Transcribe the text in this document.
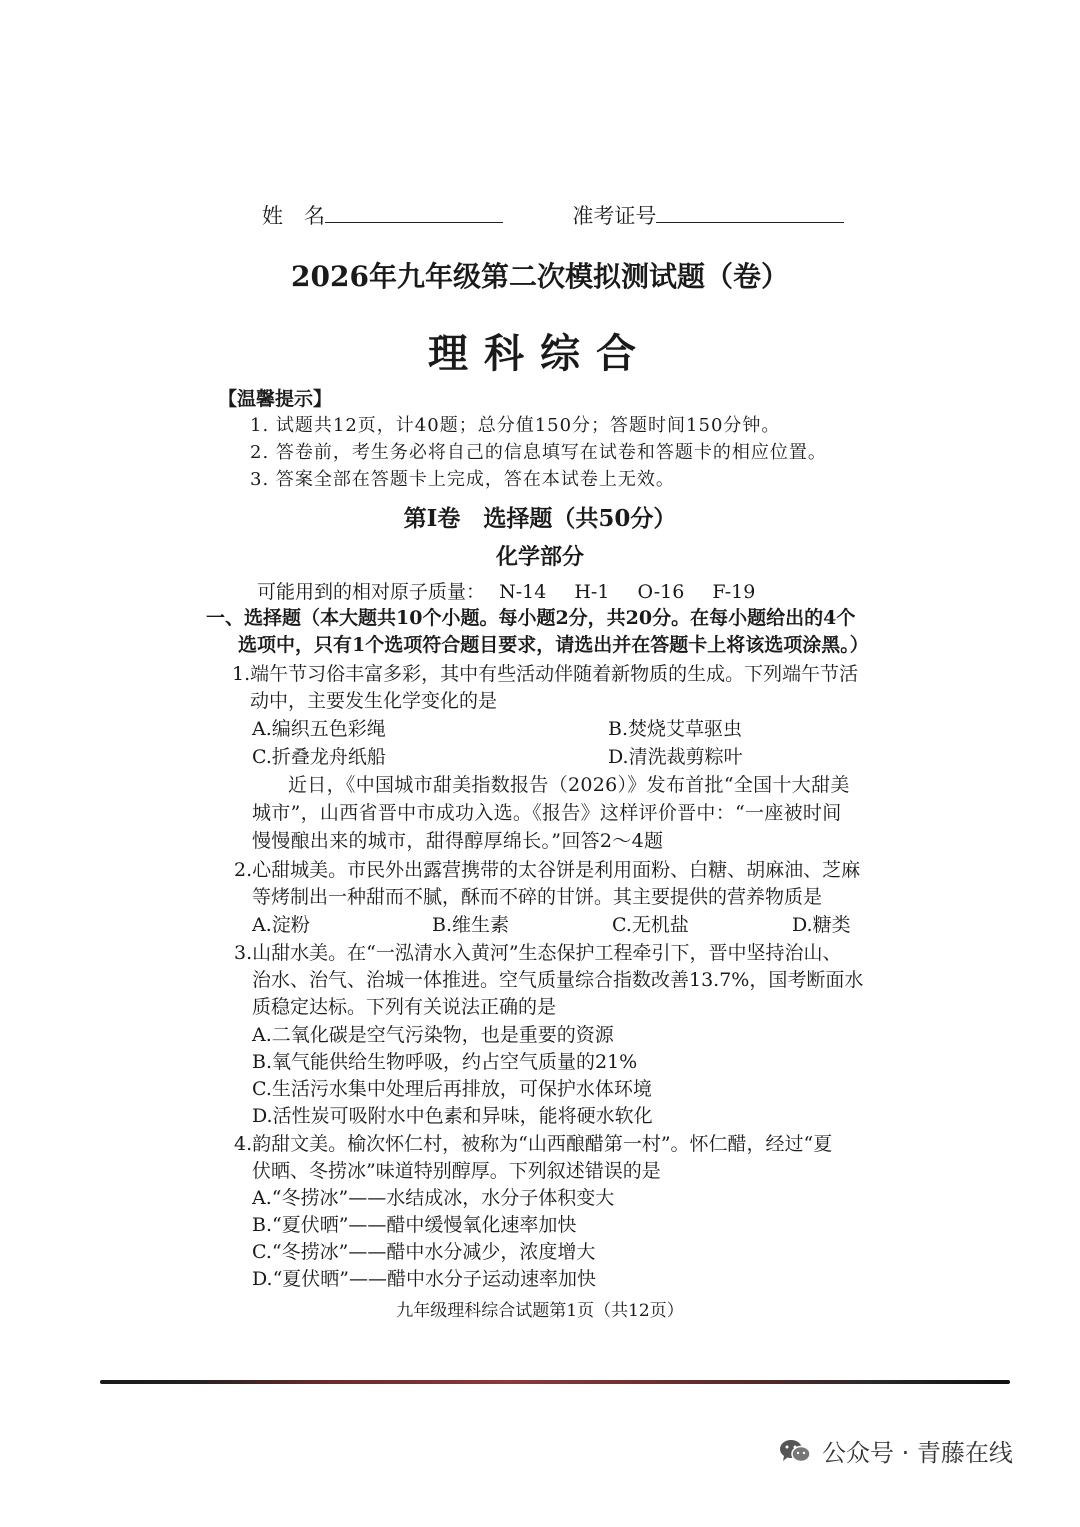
姓　名	准考证号
2026年九年级第二次模拟测试题（卷）
理科综合
【温馨提示】
1. 试题共12页，计40题；总分值150分；答题时间150分钟。
2. 答卷前，考生务必将自己的信息填写在试卷和答题卡的相应位置。
3. 答案全部在答题卡上完成，答在本试卷上无效。
第Ⅰ卷　选择题（共50分）
化学部分
可能用到的相对原子质量： N-14 H-1 O-16 F-19
一、选择题（本大题共10个小题。每小题2分，共20分。在每小题给出的4个
选项中，只有1个选项符合题目要求，请选出并在答题卡上将该选项涂黑。）
1.端午节习俗丰富多彩，其中有些活动伴随着新物质的生成。下列端午节活
动中，主要发生化学变化的是
A.编织五色彩绳	B.焚烧艾草驱虫
C.折叠龙舟纸船	D.清洗裁剪粽叶
近日，《中国城市甜美指数报告（2026）》发布首批“全国十大甜美
城市”，山西省晋中市成功入选。《报告》这样评价晋中：“一座被时间
慢慢酿出来的城市，甜得醇厚绵长。”回答2～4题
2.心甜城美。市民外出露营携带的太谷饼是利用面粉、白糖、胡麻油、芝麻
等烤制出一种甜而不腻，酥而不碎的甘饼。其主要提供的营养物质是
A.淀粉	B.维生素	C.无机盐	D.糖类
3.山甜水美。在“一泓清水入黄河”生态保护工程牵引下，晋中坚持治山、
治水、治气、治城一体推进。空气质量综合指数改善13.7%，国考断面水
质稳定达标。下列有关说法正确的是
A.二氧化碳是空气污染物，也是重要的资源
B.氧气能供给生物呼吸，约占空气质量的21%
C.生活污水集中处理后再排放，可保护水体环境
D.活性炭可吸附水中色素和异味，能将硬水软化
4.韵甜文美。榆次怀仁村，被称为“山西酿醋第一村”。怀仁醋，经过“夏
伏晒、冬捞冰”味道特别醇厚。下列叙述错误的是
A.“冬捞冰”——水结成冰，水分子体积变大
B.“夏伏晒”——醋中缓慢氧化速率加快
C.“冬捞冰”——醋中水分减少，浓度增大
D.“夏伏晒”——醋中水分子运动速率加快
九年级理科综合试题第1页（共12页）
公众号 · 青藤在线
